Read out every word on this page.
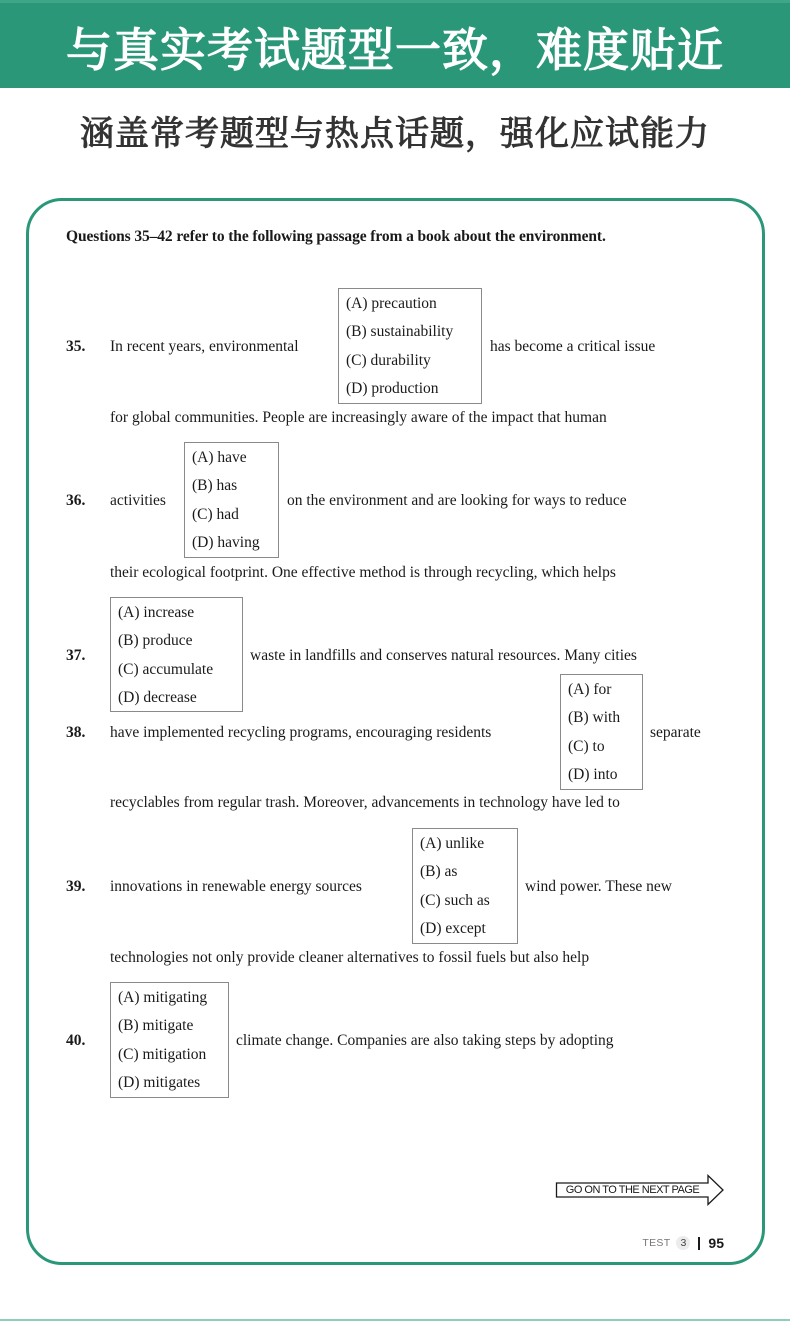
与真实考试题型一致，难度贴近
涵盖常考题型与热点话题，强化应试能力
Questions 35–42 refer to the following passage from a book about the environment.
35. In recent years, environmental
(A) precaution
(B) sustainability
(C) durability
(D) production
has become a critical issue
for global communities. People are increasingly aware of the impact that human
36. activities
(A) have
(B) has
(C) had
(D) having
on the environment and are looking for ways to reduce
their ecological footprint. One effective method is through recycling, which helps
37.
(A) increase
(B) produce
(C) accumulate
(D) decrease
waste in landfills and conserves natural resources. Many cities
38. have implemented recycling programs, encouraging residents
(A) for
(B) with
(C) to
(D) into
separate
recyclables from regular trash. Moreover, advancements in technology have led to
39. innovations in renewable energy sources
(A) unlike
(B) as
(C) such as
(D) except
wind power. These new
technologies not only provide cleaner alternatives to fossil fuels but also help
40.
(A) mitigating
(B) mitigate
(C) mitigation
(D) mitigates
climate change. Companies are also taking steps by adopting
GO ON TO THE NEXT PAGE
TEST 3 95
